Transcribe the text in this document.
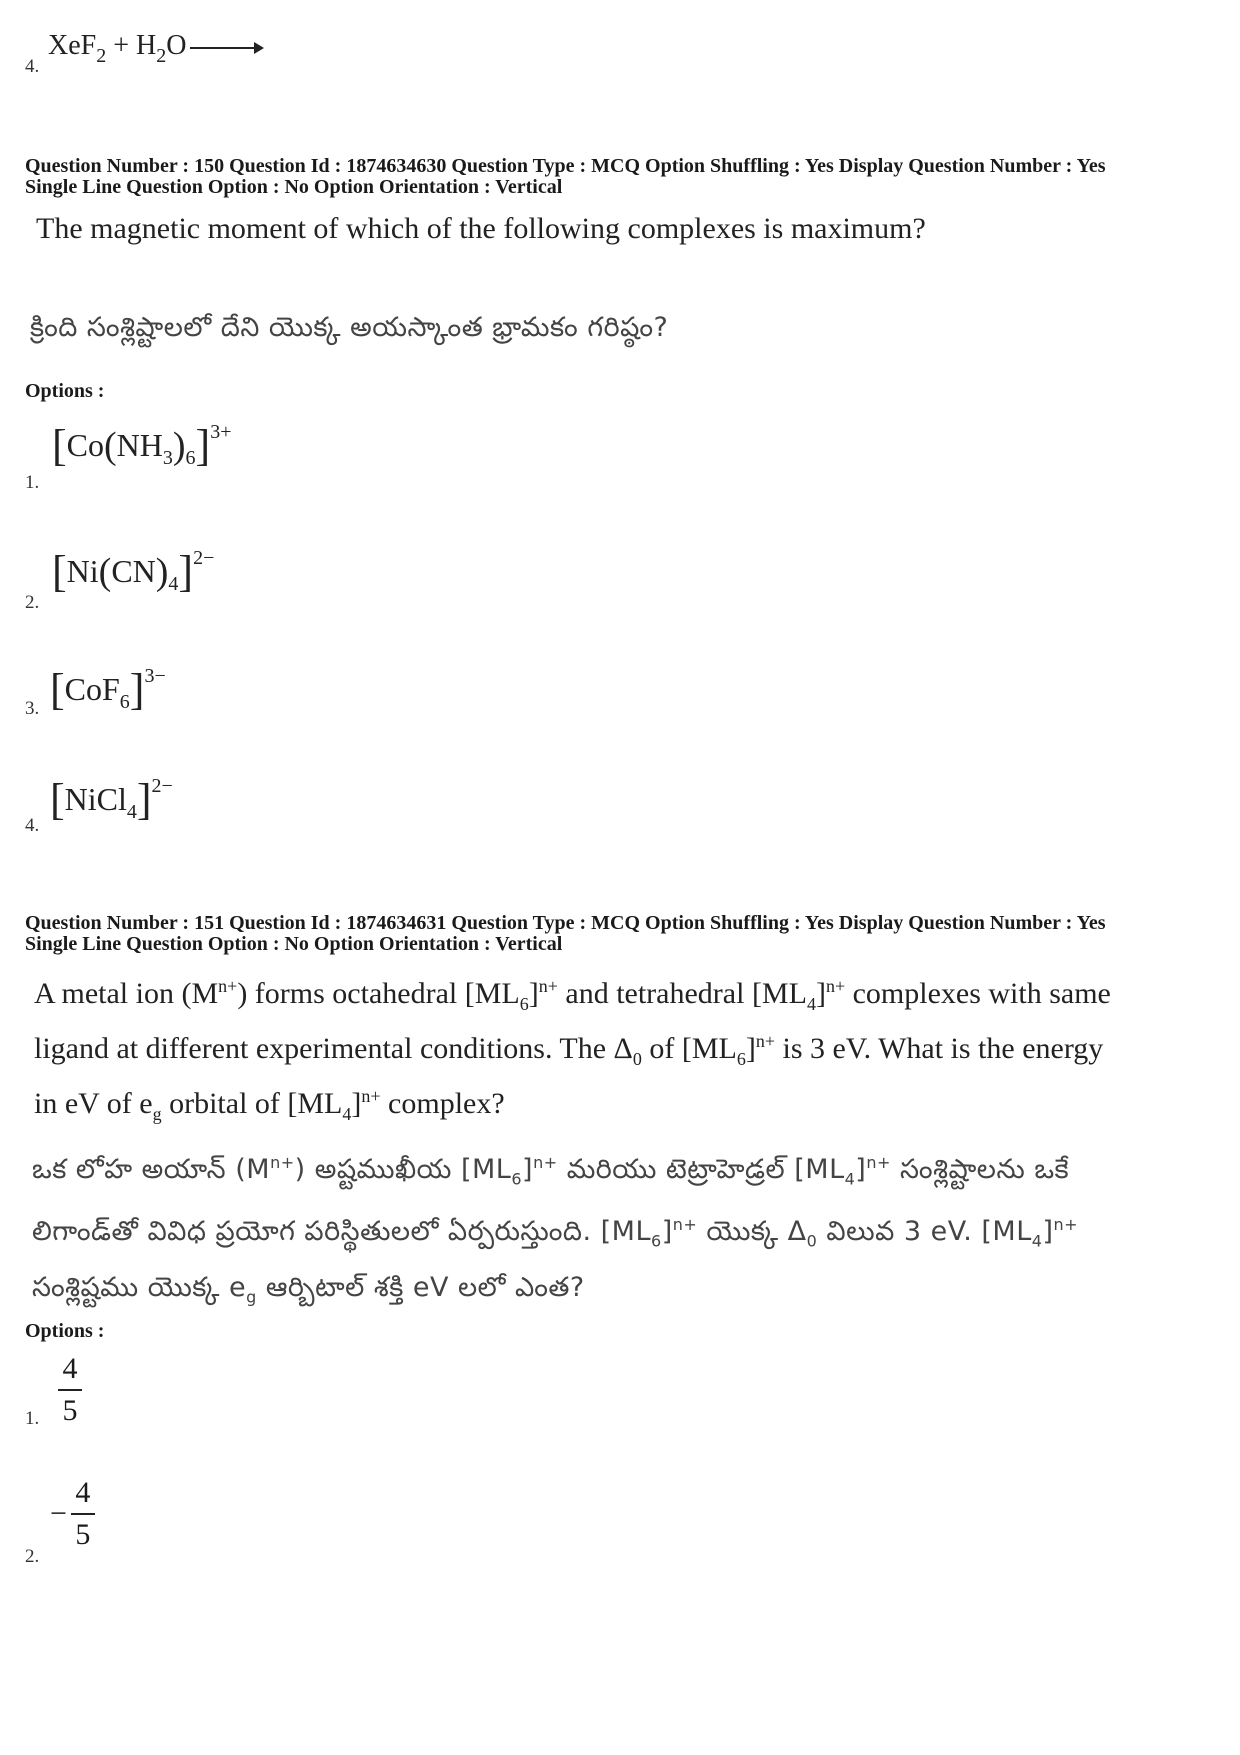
4.
$XeF_2 + H_2O$ →
Question Number : 150 Question Id : 1874634630 Question Type : MCQ Option Shuffling : Yes Display Question Number : Yes
Single Line Question Option : No Option Orientation : Vertical
The magnetic moment of which of the following complexes is maximum?
క్రింది సంశ్లిష్టాలలో దేని యొక్క అయస్కాంత భ్రామకం గరిష్ఠం?
Options :
1.
$[Co(NH_3)_6]^{3+}$
2.
$[Ni(CN)_4]^{2-}$
3. $[CoF_6]^{3-}$
4.
[NiCl$_4$]$^{2-}$
Question Number : 151 Question Id : 1874634631 Question Type : MCQ Option Shuffling : Yes Display Question Number : Yes
Single Line Question Option : No Option Orientation : Vertical
A metal ion $(M^{n+})$ forms octahedral $[ML_6]^{n+}$ and tetrahedral $[ML_4]^{n+}$ complexes with same
ligand at different experimental conditions. The $\Delta_0$ of $[ML_6]^{n+}$ is 3 eV. What is the energy
in eV of $e_g$ orbital of $[ML_4]^{n+}$ complex?
ఒక లోహ అయాన్ $(M^{n+})$ అష్టముఖీయ $[ML_6]^{n+}$ మరియు టెట్రాహెడ్రల్ $[ML_4]^{n+}$ సంశ్లిష్టాలను ఒకే
లిగాండ్‌తో వివిధ ప్రయోగ పరిస్థితులలో ఏర్పరుస్తుంది. $[ML_6]^{n+}$ యొక్క $\Delta_0$ విలువ 3 eV. $[ML_4]^{n+}$
సంశ్లిష్టము యొక్క $e_g$ ఆర్బిటాల్ శక్తి eV లలో ఎంత?
Options :
1.
4
5
2.
− $\frac{4}{5}$
